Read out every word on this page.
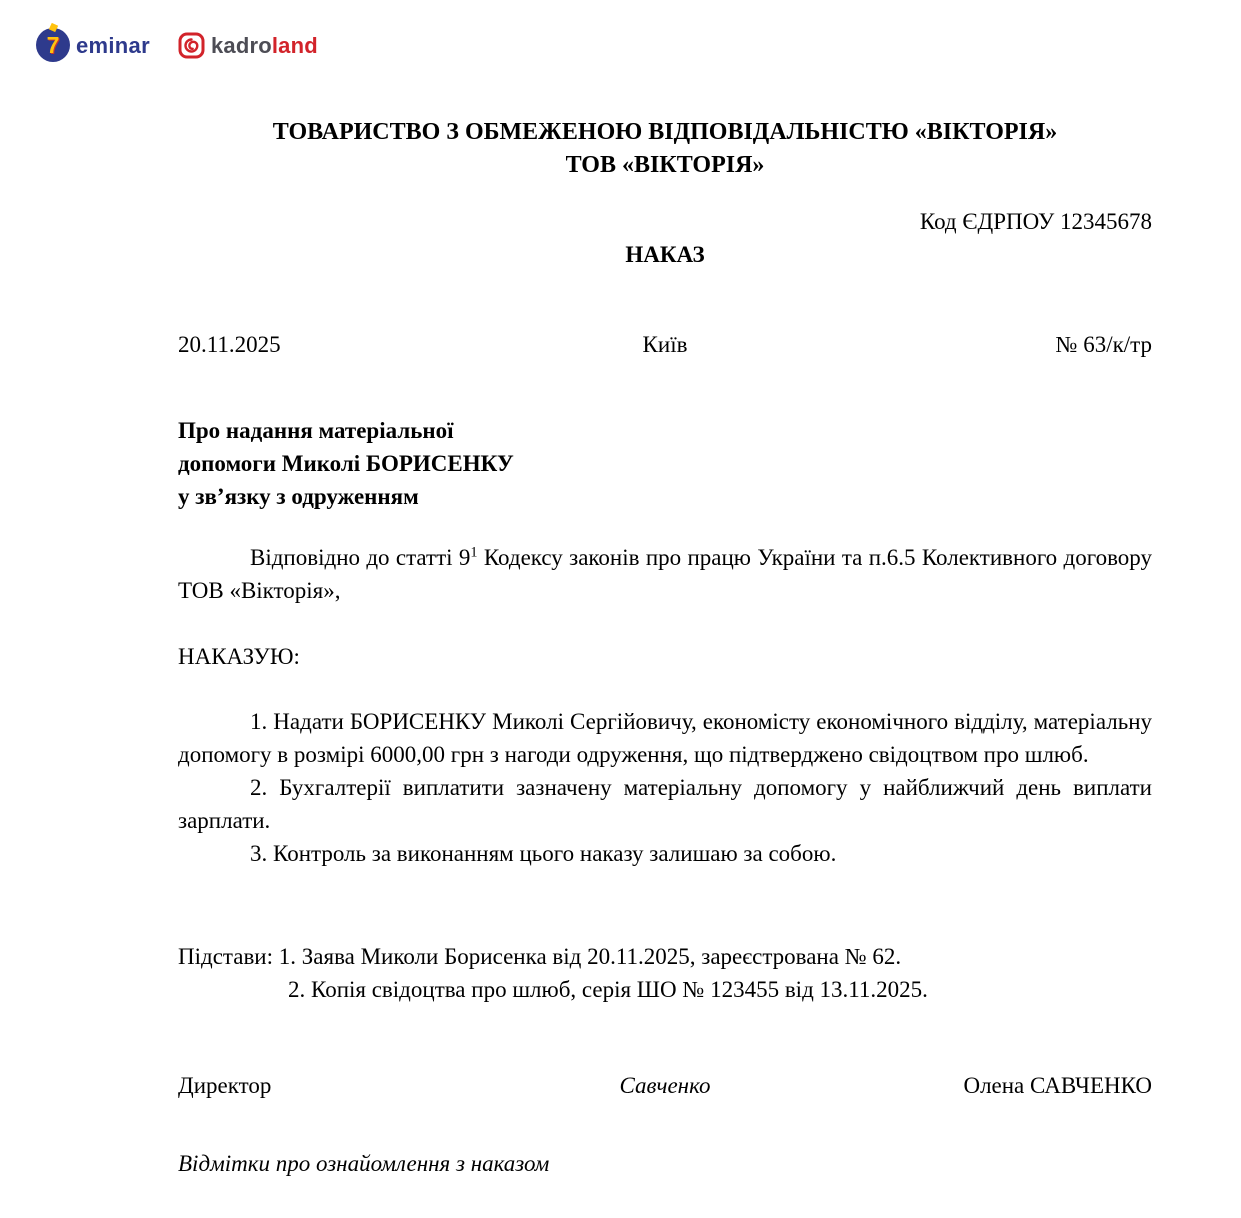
7 eminar	kadroland
ТОВАРИСТВО З ОБМЕЖЕНОЮ ВІДПОВІДАЛЬНІСТЮ «ВІКТОРІЯ»
ТОВ «ВІКТОРІЯ»
Код ЄДРПОУ 12345678
НАКАЗ
20.11.2025	Київ	№ 63/к/тр
Про надання матеріальної
допомоги Миколі БОРИСЕНКУ
у зв’язку з одруженням

Відповідно до статті $9^1$ Кодексу законів про працю України та п.6.5 Колективного договору ТОВ «Вікторія»,

НАКАЗУЮ:

1. Надати БОРИСЕНКУ Миколі Сергійовичу, економісту економічного відділу, матеріальну допомогу в розмірі 6000,00 грн з нагоди одруження, що підтверджено свідоцтвом про шлюб.

2. Бухгалтерії виплатити зазначену матеріальну допомогу у найближчий день виплати зарплати.

3. Контроль за виконанням цього наказу залишаю за собою.

Підстави: 1. Заява Миколи Борисенка від 20.11.2025, зареєстрована № 62.
2. Копія свідоцтва про шлюб, серія ШО № 123455 від 13.11.2025.
Директор	Савченко	Олена САВЧЕНКО
Відмітки про ознайомлення з наказом
